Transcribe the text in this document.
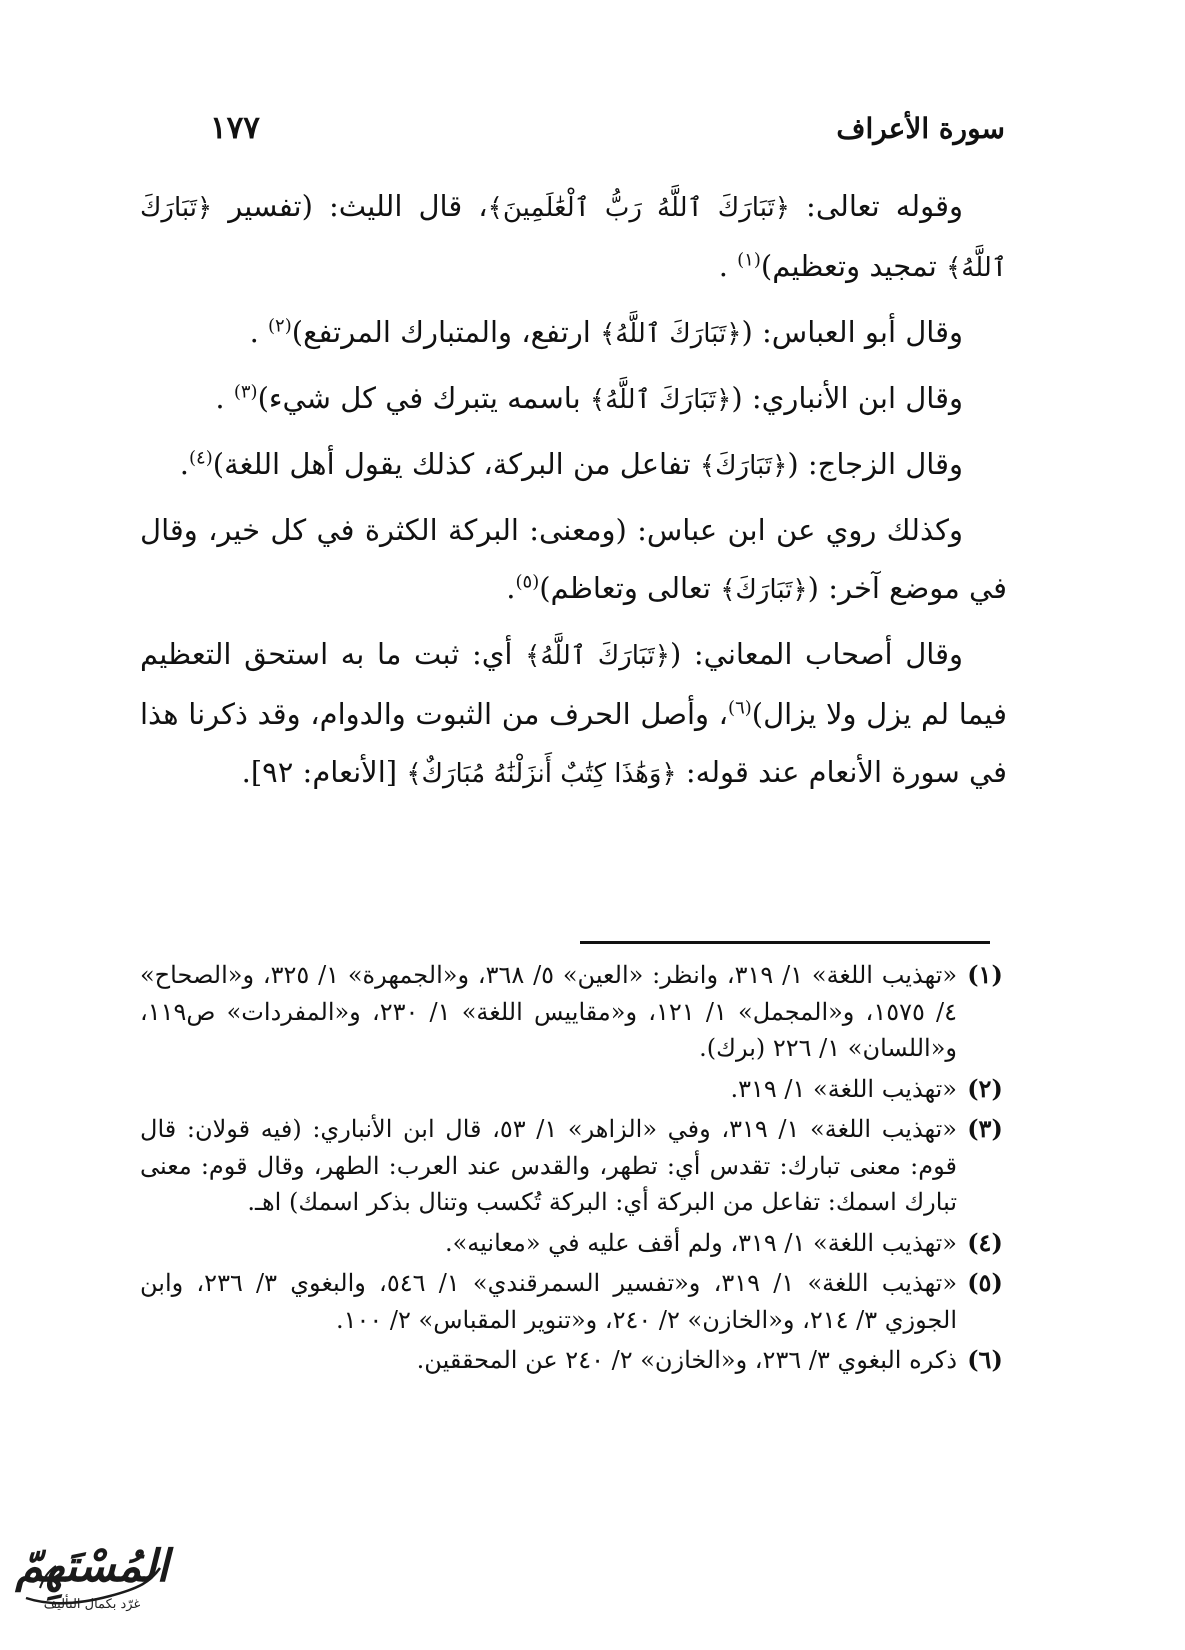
١٧٧	سورة الأعراف

وقوله تعالى: ﴿تَبَارَكَ ٱللَّهُ رَبُّ ٱلْعَٰلَمِينَ﴾، قال الليث: (تفسير ﴿تَبَارَكَ ٱللَّهُ﴾ تمجيد وتعظيم)$^{(١)}$ .

وقال أبو العباس: (﴿تَبَارَكَ ٱللَّهُ﴾ ارتفع، والمتبارك المرتفع)$^{(٢)}$ .

وقال ابن الأنباري: (﴿تَبَارَكَ ٱللَّهُ﴾ باسمه يتبرك في كل شيء)$^{(٣)}$ .

وقال الزجاج: (﴿تَبَارَكَ﴾ تفاعل من البركة، كذلك يقول أهل اللغة)$^{(٤)}$.

وكذلك روي عن ابن عباس: (ومعنى: البركة الكثرة في كل خير، وقال في موضع آخر: (﴿تَبَارَكَ﴾ تعالى وتعاظم)$^{(٥)}$.

وقال أصحاب المعاني: (﴿تَبَارَكَ ٱللَّهُ﴾ أي: ثبت ما به استحق التعظيم فيما لم يزل ولا يزال)$^{(٦)}$، وأصل الحرف من الثبوت والدوام، وقد ذكرنا هذا في سورة الأنعام عند قوله: ﴿وَهَٰذَا كِتَٰبٌ أَنزَلْنَٰهُ مُبَارَكٌ﴾ [الأنعام: ٩٢].

(١)
«تهذيب اللغة» ١/ ٣١٩، وانظر: «العين» ٥/ ٣٦٨، و«الجمهرة» ١/ ٣٢٥، و«الصحاح» ٤/ ١٥٧٥، و«المجمل» ١/ ١٢١، و«مقاييس اللغة» ١/ ٢٣٠، و«المفردات» ص١١٩، و«اللسان» ١/ ٢٢٦ (برك).
(٢)
«تهذيب اللغة» ١/ ٣١٩.
(٣)
«تهذيب اللغة» ١/ ٣١٩، وفي «الزاهر» ١/ ٥٣، قال ابن الأنباري: (فيه قولان: قال قوم: معنى تبارك: تقدس أي: تطهر، والقدس عند العرب: الطهر، وقال قوم: معنى تبارك اسمك: تفاعل من البركة أي: البركة تُكسب وتنال بذكر اسمك) اهـ.
(٤)
«تهذيب اللغة» ١/ ٣١٩، ولم أقف عليه في «معانيه».
(٥)
«تهذيب اللغة» ١/ ٣١٩، و«تفسير السمرقندي» ١/ ٥٤٦، والبغوي ٣/ ٢٣٦، وابن الجوزي ٣/ ٢١٤، و«الخازن» ٢/ ٢٤٠، و«تنوير المقباس» ٢/ ١٠٠.
(٦)
ذكره البغوي ٣/ ٢٣٦، و«الخازن» ٢/ ٢٤٠ عن المحققين.
المُسْتَهِمّ
غرّد بكمال التأليف
